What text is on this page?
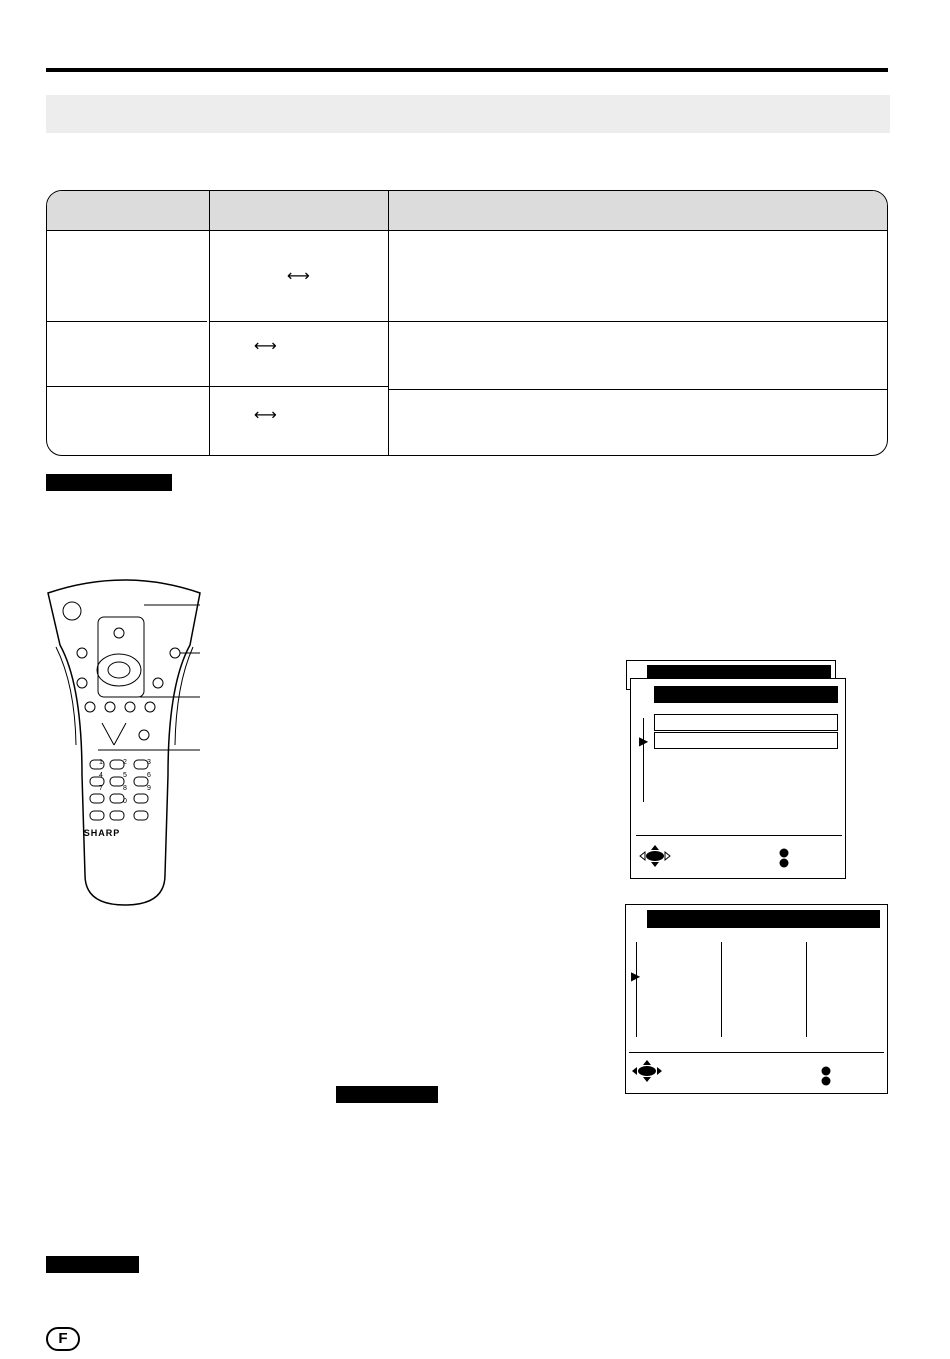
⟷
⟷
⟷
SHARP
1	2	3
4	5	6
7	8	9
0
▶
▶
F
